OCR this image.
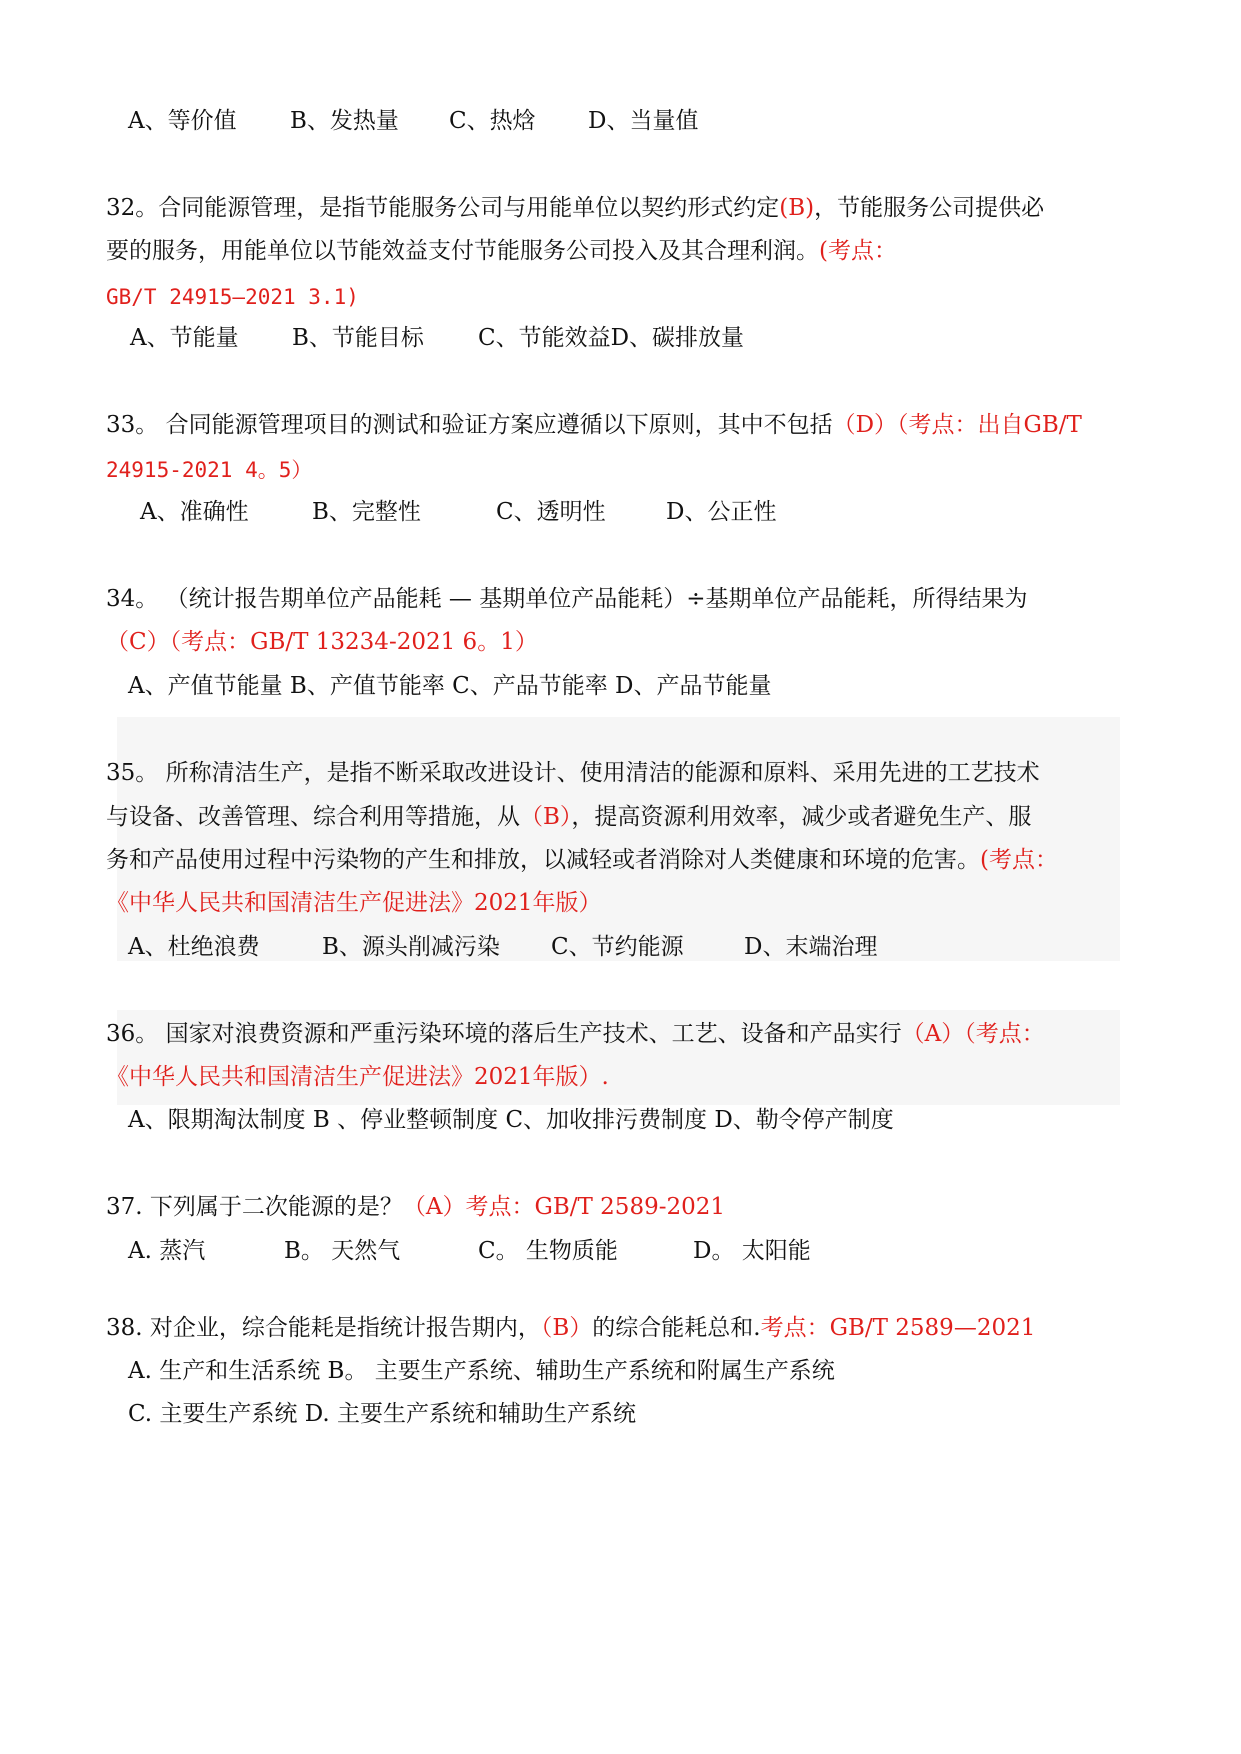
A、等价值 B、发热量 C、热焓 D、当量值
32。合同能源管理，是指节能服务公司与用能单位以契约形式约定(B)，节能服务公司提供必
要的服务，用能单位以节能效益支付节能服务公司投入及其合理利润。(考点：
GB/T 24915—2021 3.1)
A、节能量 B、节能目标 C、节能效益D、碳排放量
33。 合同能源管理项目的测试和验证方案应遵循以下原则，其中不包括（D）（考点：出自GB/T
24915-2021 4。5）
A、准确性	B、完整性	C、透明性	D、公正性
34。 （统计报告期单位产品能耗 — 基期单位产品能耗）÷基期单位产品能耗，所得结果为
（C）（考点：GB/T 13234-2021 6。1）
A、产值节能量 B、产值节能率 C、产品节能率 D、产品节能量
35。 所称清洁生产，是指不断采取改进设计、使用清洁的能源和原料、采用先进的工艺技术
与设备、改善管理、综合利用等措施，从（B），提高资源利用效率，减少或者避免生产、服
务和产品使用过程中污染物的产生和排放，以减轻或者消除对人类健康和环境的危害。(考点：
《中华人民共和国清洁生产促进法》2021年版）
A、杜绝浪费	B、源头削减污染 C、节约能源	D、末端治理
36。 国家对浪费资源和严重污染环境的落后生产技术、工艺、设备和产品实行（A）（考点：
《中华人民共和国清洁生产促进法》2021年版）.
A、限期淘汰制度 B 、停业整顿制度 C、加收排污费制度 D、勒令停产制度
37. 下列属于二次能源的是？（A）考点：GB/T 2589-2021
A. 蒸汽	B。 天然气	C。 生物质能	D。 太阳能
38. 对企业，综合能耗是指统计报告期内，（B）的综合能耗总和.考点：GB/T 2589—2021
A. 生产和生活系统 B。 主要生产系统、辅助生产系统和附属生产系统
C. 主要生产系统 D. 主要生产系统和辅助生产系统
